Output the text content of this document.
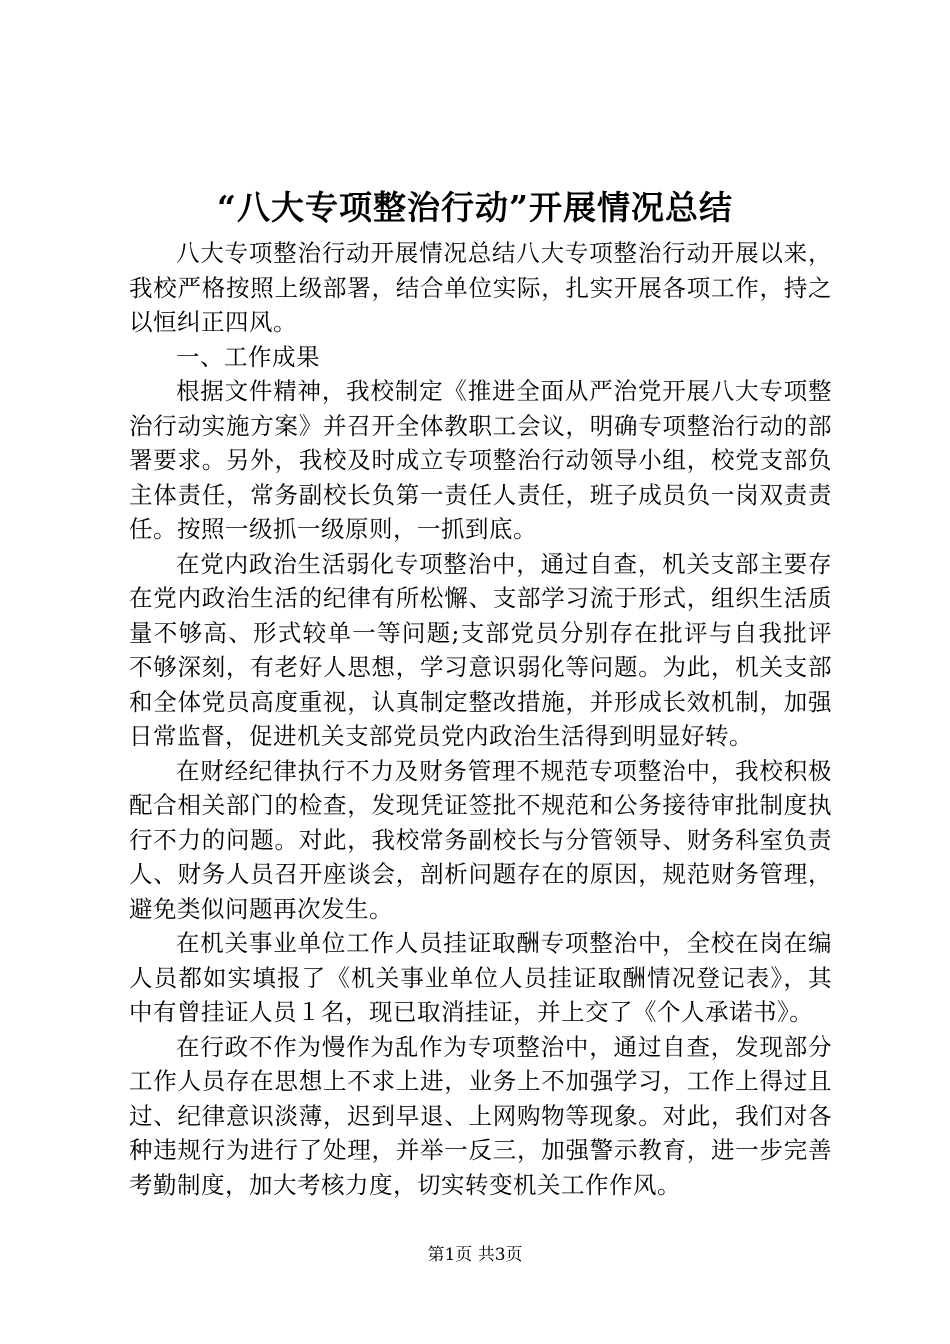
“八大专项整治行动”开展情况总结

八大专项整治行动开展情况总结八大专项整治行动开展以来，我校严格按照上级部署，结合单位实际，扎实开展各项工作，持之以恒纠正四风。

一、工作成果

根据文件精神，我校制定《推进全面从严治党开展八大专项整治行动实施方案》并召开全体教职工会议，明确专项整治行动的部署要求。另外，我校及时成立专项整治行动领导小组，校党支部负主体责任，常务副校长负第一责任人责任，班子成员负一岗双责责任。按照一级抓一级原则，一抓到底。

在党内政治生活弱化专项整治中，通过自查，机关支部主要存在党内政治生活的纪律有所松懈、支部学习流于形式，组织生活质量不够高、形式较单一等问题;支部党员分别存在批评与自我批评不够深刻，有老好人思想，学习意识弱化等问题。为此，机关支部和全体党员高度重视，认真制定整改措施，并形成长效机制，加强日常监督，促进机关支部党员党内政治生活得到明显好转。

在财经纪律执行不力及财务管理不规范专项整治中，我校积极配合相关部门的检查，发现凭证签批不规范和公务接待审批制度执行不力的问题。对此，我校常务副校长与分管领导、财务科室负责人、财务人员召开座谈会，剖析问题存在的原因，规范财务管理，避免类似问题再次发生。

在机关事业单位工作人员挂证取酬专项整治中，全校在岗在编人员都如实填报了《机关事业单位人员挂证取酬情况登记表》，其中有曾挂证人员１名，现已取消挂证，并上交了《个人承诺书》。

在行政不作为慢作为乱作为专项整治中，通过自查，发现部分工作人员存在思想上不求上进，业务上不加强学习，工作上得过且过、纪律意识淡薄，迟到早退、上网购物等现象。对此，我们对各种违规行为进行了处理，并举一反三，加强警示教育，进一步完善考勤制度，加大考核力度，切实转变机关工作作风。

第1页 共3页
